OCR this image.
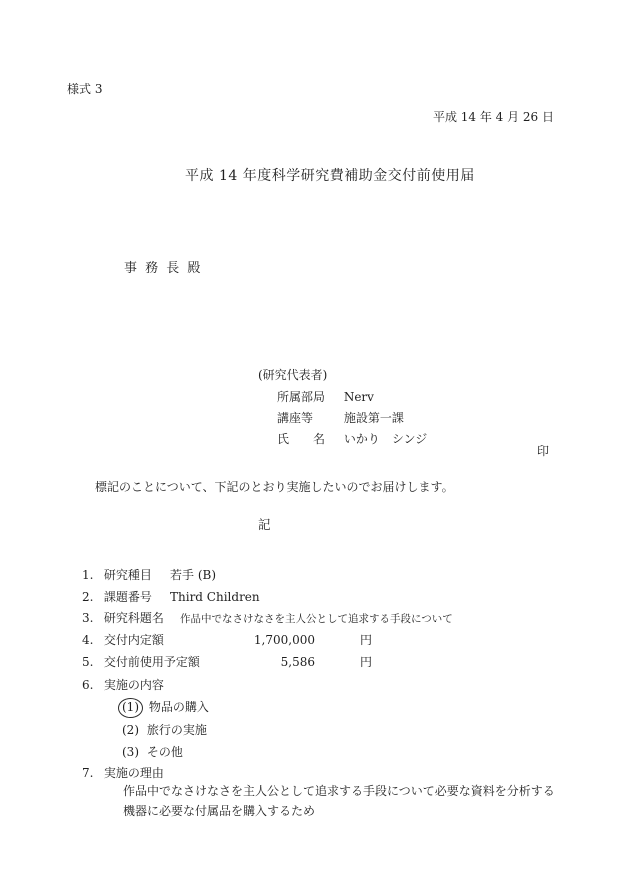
様式 3
平成 14 年 4 月 26 日
平成 14 年度科学研究費補助金交付前使用届
事 務 長 殿
(研究代表者)
所属部局 Nerv
講座等	施設第一課
氏　　名 いかり　シンジ
印
標記のことについて、下記のとおり実施したいのでお届けします。
記
1. 研究種目 若手 (B)
2. 課題番号 Third Children
3. 研究科題名 作品中でなさけなさを主人公として追求する手段について
4. 交付内定額	1,700,000	円
5. 交付前使用予定額	5,586	円
6. 実施の内容
(1) 物品の購入
(2) 旅行の実施
(3) その他
7. 実施の理由
作品中でなさけなさを主人公として追求する手段について必要な資料を分析する
機器に必要な付属品を購入するため
